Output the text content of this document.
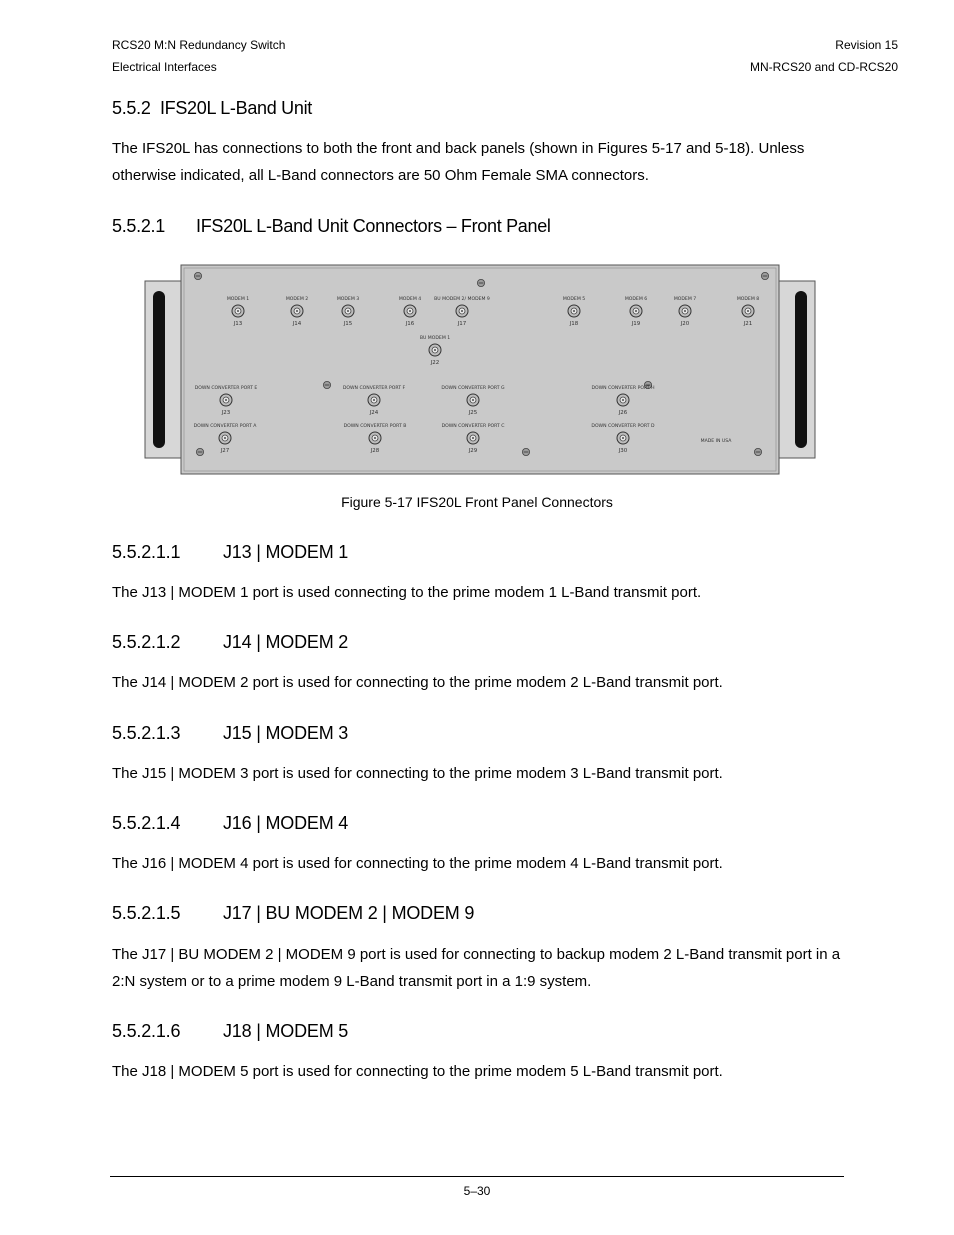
RCS20 M:N Redundancy Switch
Electrical Interfaces
Revision 15
MN-RCS20 and CD-RCS20
5.5.2 IFS20L L-Band Unit
The IFS20L has connections to both the front and back panels (shown in Figures 5-17 and 5-18). Unless otherwise indicated, all L-Band connectors are 50 Ohm Female SMA connectors.
5.5.2.1 IFS20L L-Band Unit Connectors – Front Panel
MODEM 1
J13
MODEM 2
J14
MODEM 3
J15
MODEM 4
J16
BU MODEM 2/ MODEM 9
J17
MODEM 5
J18
MODEM 6
J19
MODEM 7
J20
MODEM 8
J21
BU MODEM 1
J22
DOWN CONVERTER PORT E
J23
DOWN CONVERTER PORT F
J24
DOWN CONVERTER PORT G
J25
DOWN CONVERTER PORT H
J26
DOWN CONVERTER PORT A
J27
DOWN CONVERTER PORT B
J28
DOWN CONVERTER PORT C
J29
DOWN CONVERTER PORT D
J30
MADE IN USA
Figure 5-17 IFS20L Front Panel Connectors
5.5.2.1.1 J13 | MODEM 1
The J13 | MODEM 1 port is used connecting to the prime modem 1 L-Band transmit port.
5.5.2.1.2 J14 | MODEM 2
The J14 | MODEM 2 port is used for connecting to the prime modem 2 L-Band transmit port.
5.5.2.1.3 J15 | MODEM 3
The J15 | MODEM 3 port is used for connecting to the prime modem 3 L-Band transmit port.
5.5.2.1.4 J16 | MODEM 4
The J16 | MODEM 4 port is used for connecting to the prime modem 4 L-Band transmit port.
5.5.2.1.5 J17 | BU MODEM 2 | MODEM 9
The J17 | BU MODEM 2 | MODEM 9 port is used for connecting to backup modem 2 L-Band transmit port in a 2:N system or to a prime modem 9 L-Band transmit port in a 1:9 system.
5.5.2.1.6 J18 | MODEM 5
The J18 | MODEM 5 port is used for connecting to the prime modem 5 L-Band transmit port.
5–30
